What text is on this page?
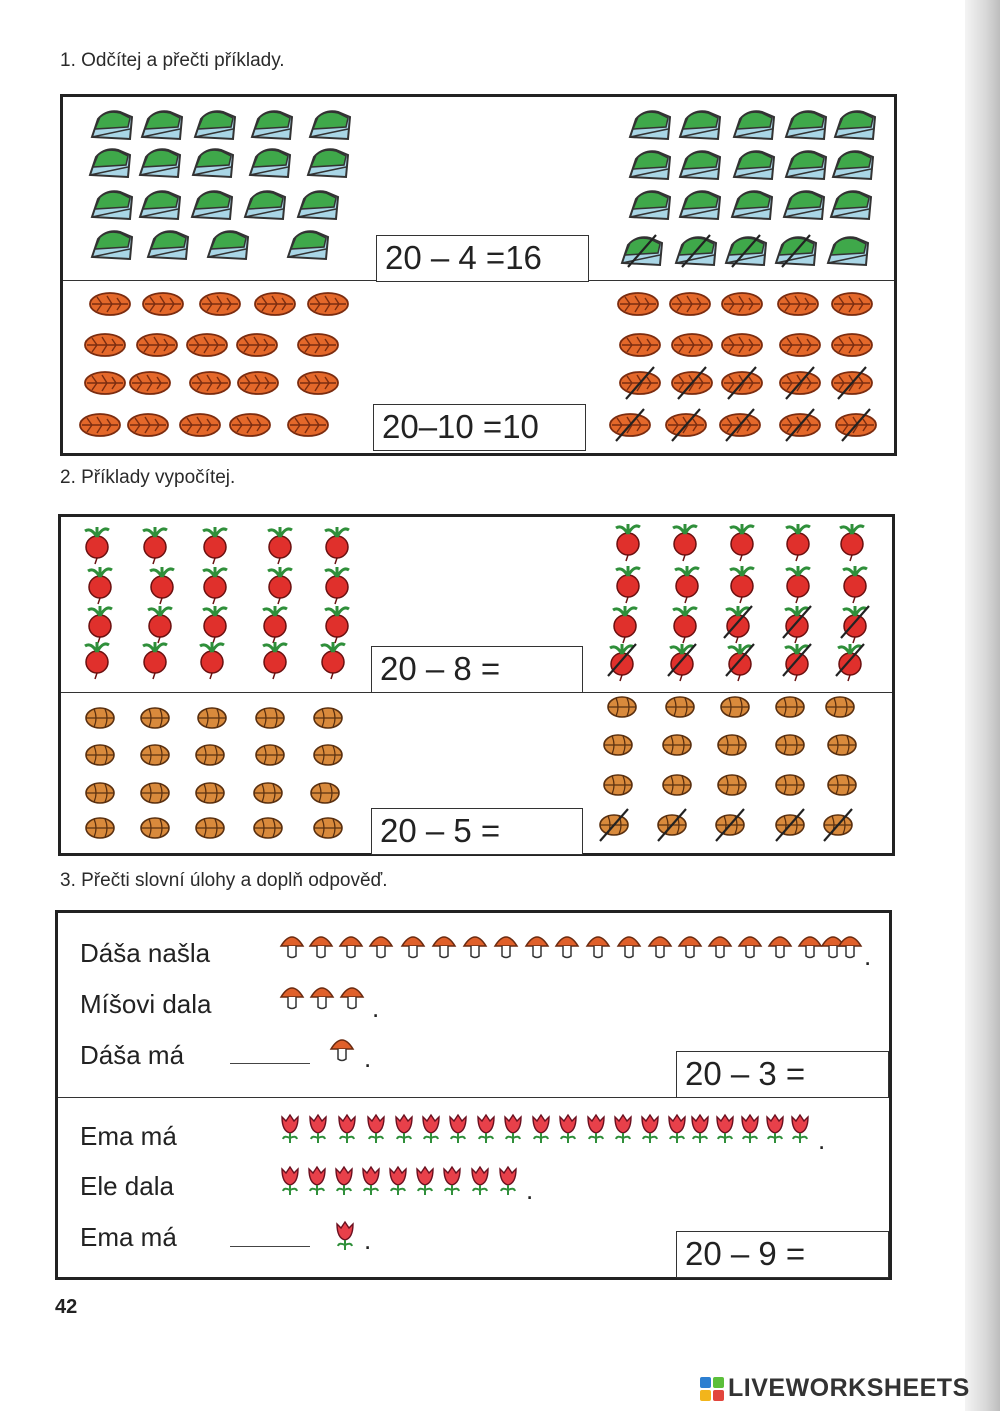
1. Odčítej a přečti příklady.

20 – 4 =16
20–10 =10

2. Příklady vypočítej.

20 – 8 =
20 – 5 =

3. Přečti slovní úlohy a doplň odpověď.

Dáša našla
Míšovi dala
Dáša má	20 – 3 =
Ema má
Ele dala
Ema má	20 – 9 =
.
.
.
.
.
.
42
LIVEWORKSHEETS
